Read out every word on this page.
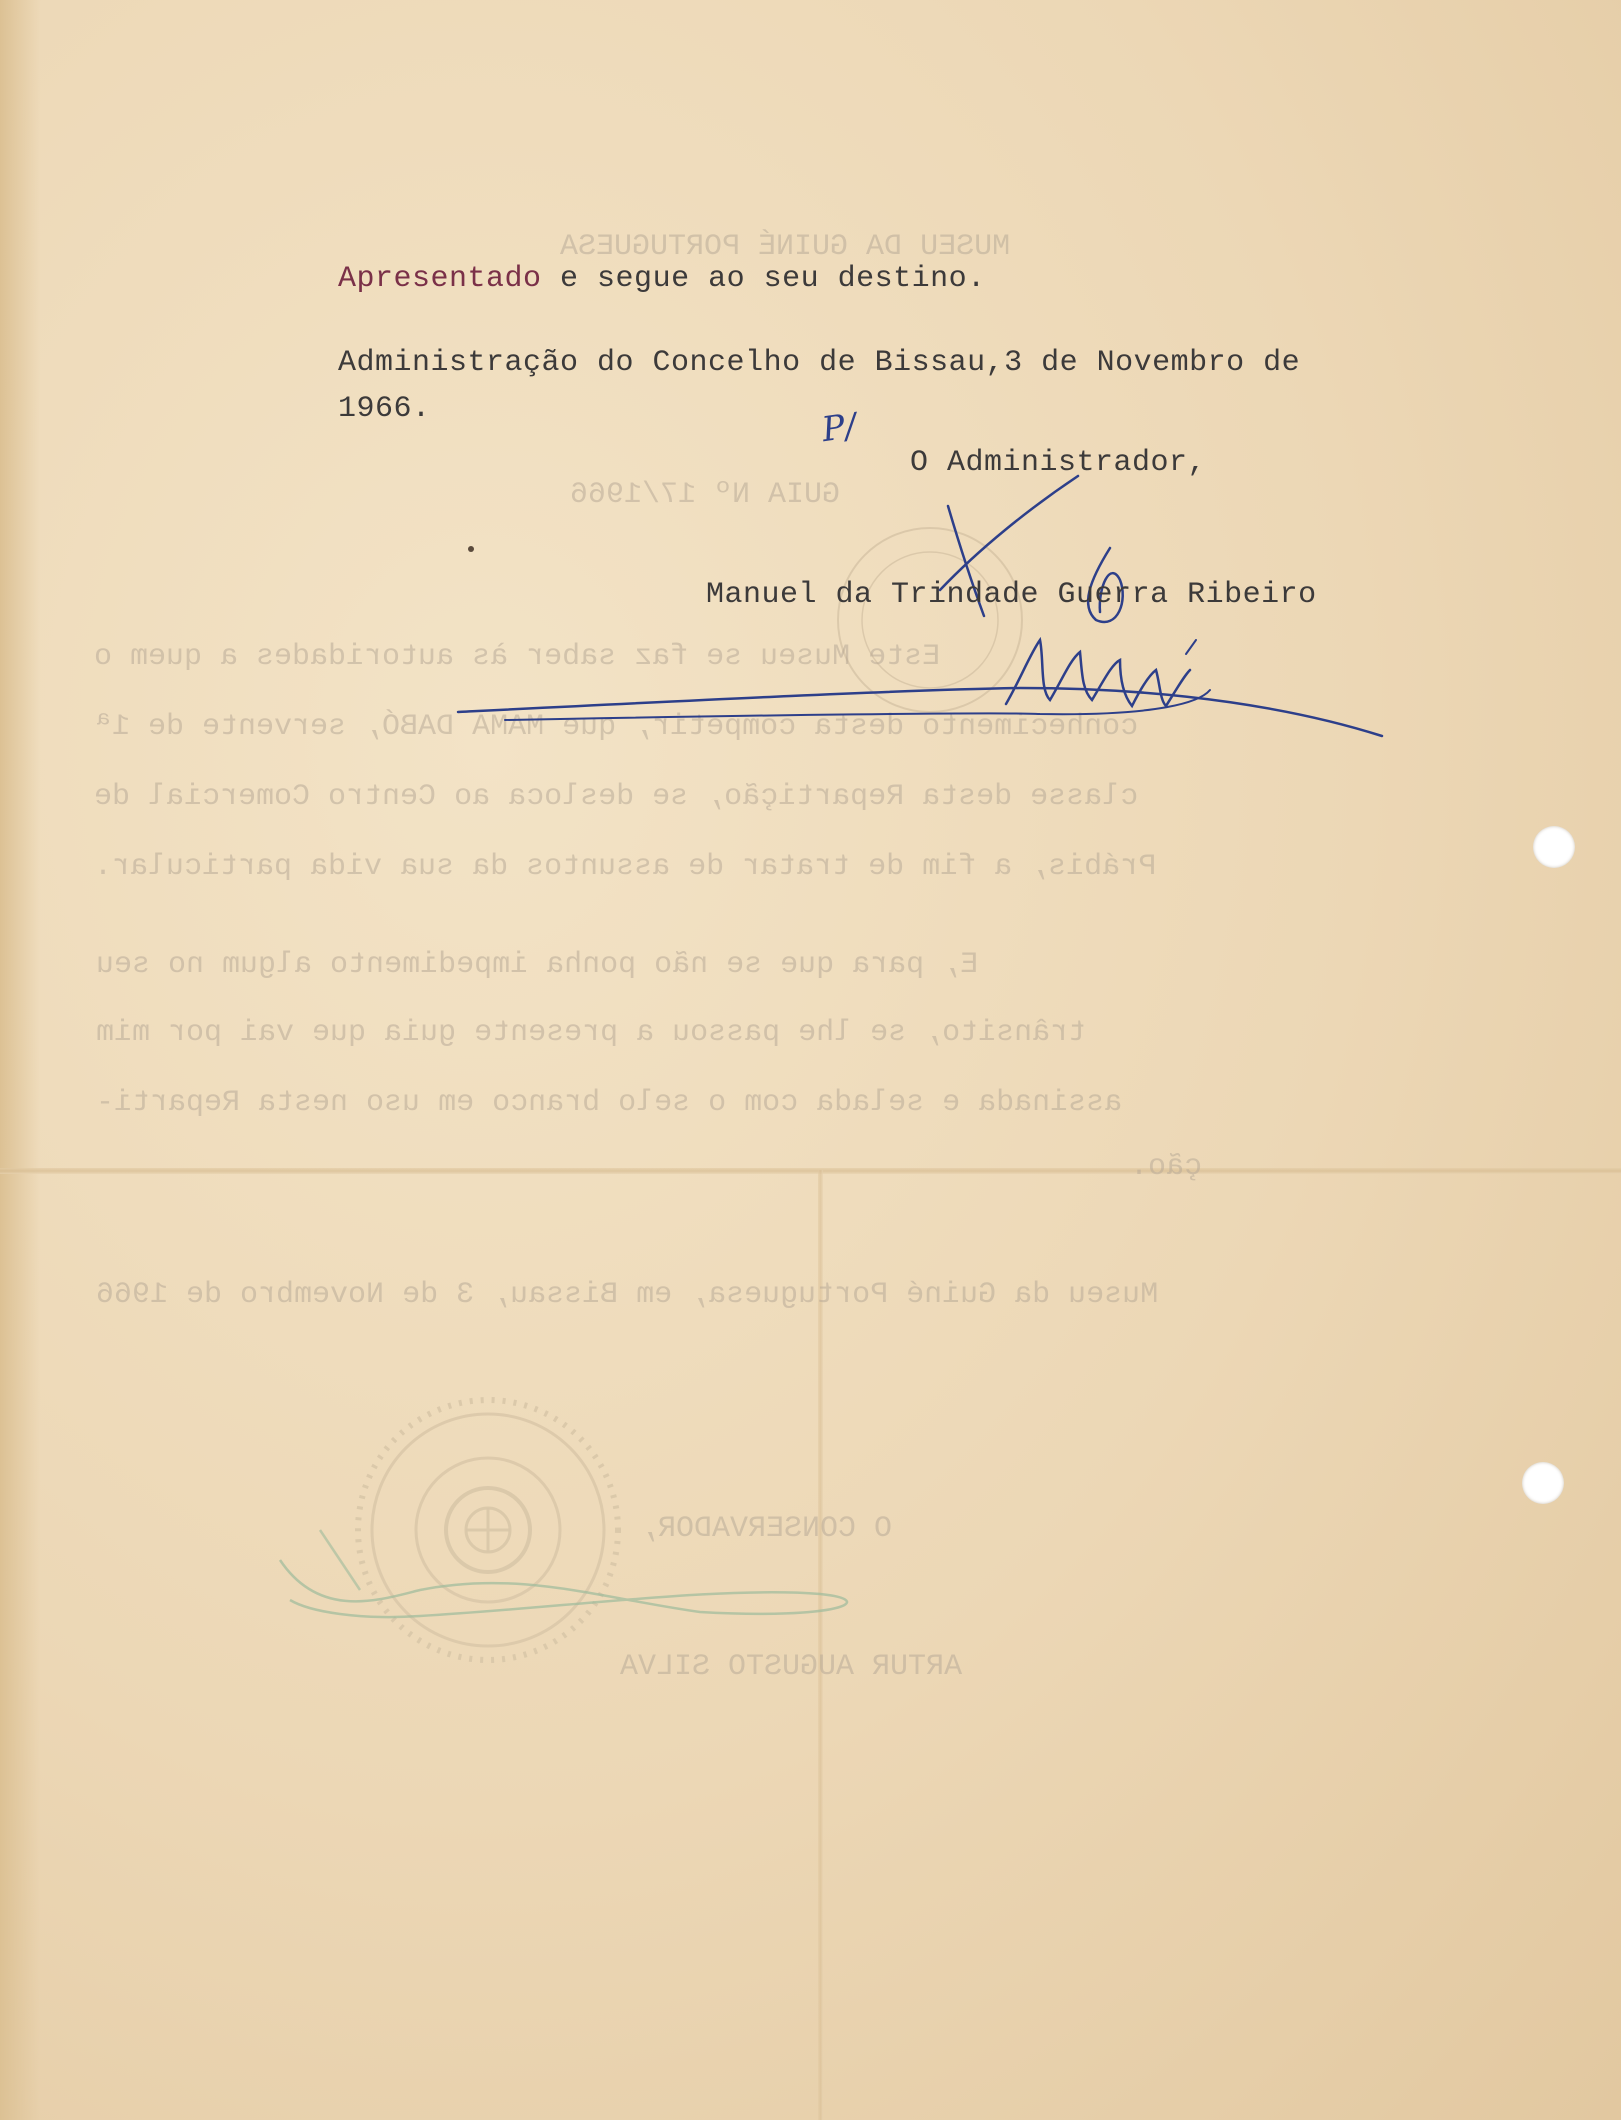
MUSEU DA GUINÉ PORTUGUESA
GUIA Nº 17/1966
Este Museu se faz saber às autoridades a quem o
conhecimento desta competir, que MAMA DABÓ, servente de 1ª
classe desta Repartição, se desloca ao Centro Comercial de
Prábis, a fim de tratar de assuntos da sua vida particular.
E, para que se não ponha impedimento algum no seu
trânsito, se lhe passou a presente guia que vai por mim
assinada e selada com o selo branco em uso nesta Reparti-
ção.
Museu da Guiné Portuguesa, em Bissau, 3 de Novembro de 1966
O CONSERVADOR,
ARTUR AUGUSTO SILVA
Apresentado e segue ao seu destino.
Administração do Concelho de Bissau,3 de Novembro de
1966.	P/
O Administrador,
Manuel da Trindade Guerra Ribeiro
